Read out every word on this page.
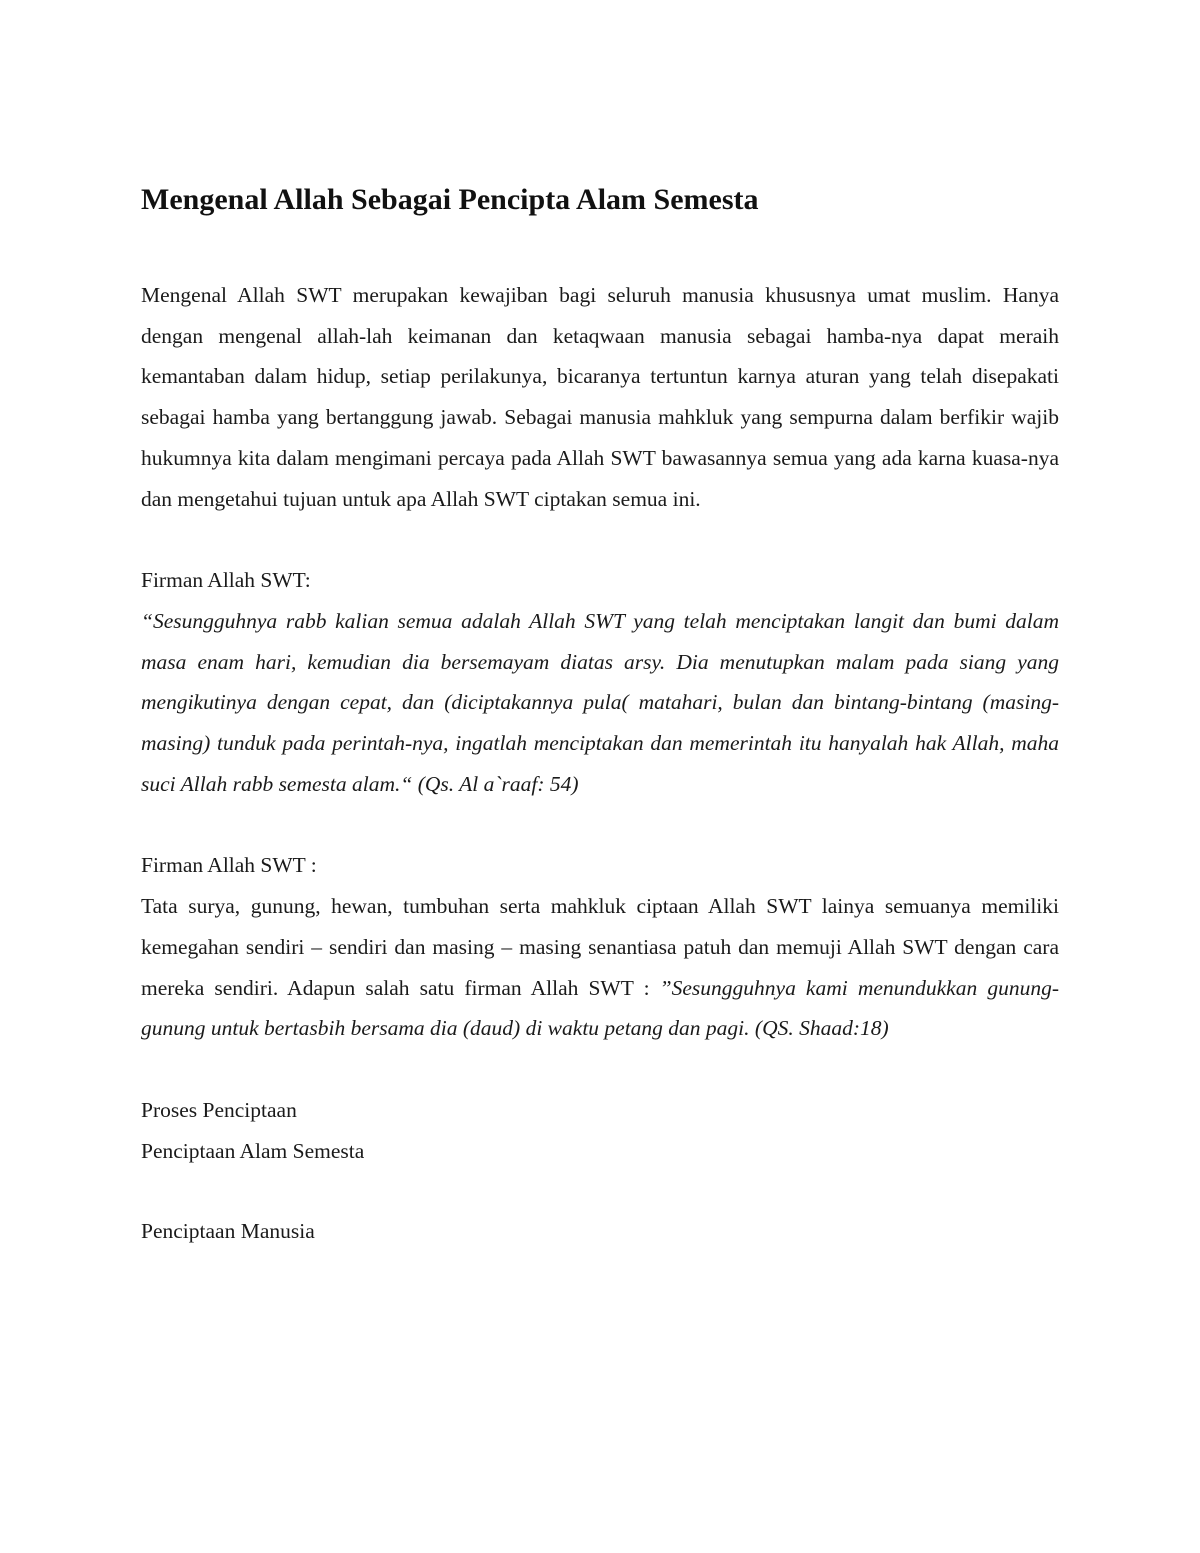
Mengenal Allah Sebagai Pencipta Alam Semesta

Mengenal Allah SWT merupakan kewajiban bagi seluruh manusia khususnya umat muslim. Hanya dengan mengenal allah-lah keimanan dan ketaqwaan manusia sebagai hamba-nya dapat meraih kemantaban dalam hidup, setiap perilakunya, bicaranya tertuntun karnya aturan yang telah disepakati sebagai hamba yang bertanggung jawab. Sebagai manusia mahkluk yang sempurna dalam berfikir wajib hukumnya kita dalam mengimani percaya pada Allah SWT bawasannya semua yang ada karna kuasa-nya dan mengetahui tujuan untuk apa Allah SWT ciptakan semua ini.

Firman Allah SWT:

“Sesungguhnya rabb kalian semua adalah Allah SWT yang telah menciptakan langit dan bumi dalam masa enam hari, kemudian dia bersemayam diatas arsy. Dia menutupkan malam pada siang yang mengikutinya dengan cepat, dan (diciptakannya pula( matahari, bulan dan bintang-bintang (masing-masing) tunduk pada perintah-nya, ingatlah menciptakan dan memerintah itu hanyalah hak Allah, maha suci Allah rabb semesta alam.“ (Qs. Al a`raaf: 54)

Firman Allah SWT :

Tata surya, gunung, hewan, tumbuhan serta mahkluk ciptaan Allah SWT lainya semuanya memiliki kemegahan sendiri – sendiri dan masing – masing senantiasa patuh dan memuji Allah SWT dengan cara mereka sendiri. Adapun salah satu firman Allah SWT : ”Sesungguhnya kami menundukkan gunung-gunung untuk bertasbih bersama dia (daud) di waktu petang dan pagi. (QS. Shaad:18)

Proses Penciptaan

Penciptaan Alam Semesta

Penciptaan Manusia
